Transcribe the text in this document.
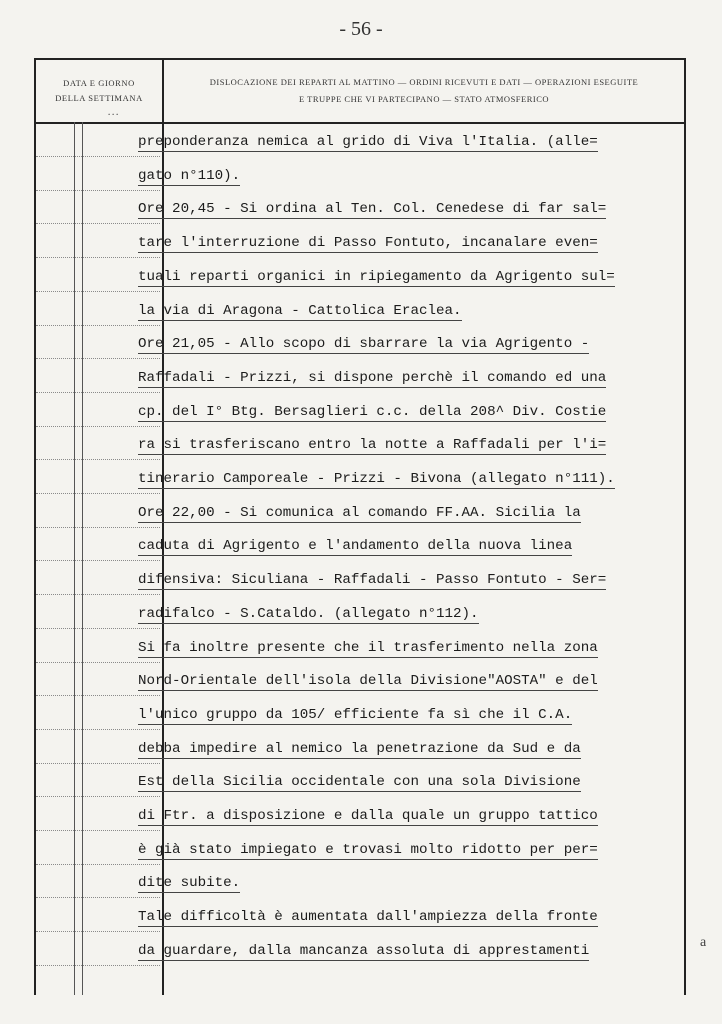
- 56 -
DATA E GIORNO
DELLA SETTIMANA
DISLOCAZIONE DEI REPARTI AL MATTINO — ORDINI RICEVUTI E DATI — OPERAZIONI ESEGUITE
E TRUPPE CHE VI PARTECIPANO — STATO ATMOSFERICO
…
preponderanza nemica al grido di Viva l'Italia. (alle=
gato n°110).
Ore 20,45 - Si ordina al Ten. Col. Cenedese di far sal=
tare l'interruzione di Passo Fontuto, incanalare even=
tuali reparti organici in ripiegamento da Agrigento sul=
la via di Aragona - Cattolica Eraclea.
Ore 21,05 - Allo scopo di sbarrare la via Agrigento -
Raffadali - Prizzi, si dispone perchè il comando ed una
cp. del I° Btg. Bersaglieri c.c. della 208^ Div. Costie
ra si trasferiscano entro la notte a Raffadali per l'i=
tinerario Camporeale - Prizzi - Bivona (allegato n°111).
Ore 22,00 - Si comunica al comando FF.AA. Sicilia la
caduta di Agrigento e l'andamento della nuova linea
difensiva: Siculiana - Raffadali - Passo Fontuto - Ser=
radifalco - S.Cataldo. (allegato n°112).
Si fa inoltre presente che il trasferimento nella zona
Nord-Orientale dell'isola della Divisione"AOSTA" e del
l'unico gruppo da 105/ efficiente fa sì che il C.A.
debba impedire al nemico la penetrazione da Sud e da
Est della Sicilia occidentale con una sola Divisione
di Ftr. a disposizione e dalla quale un gruppo tattico
è già stato impiegato e trovasi molto ridotto per per=
dite subite.
Tale difficoltà è aumentata dall'ampiezza della fronte
da guardare, dalla mancanza assoluta di apprestamenti
a
